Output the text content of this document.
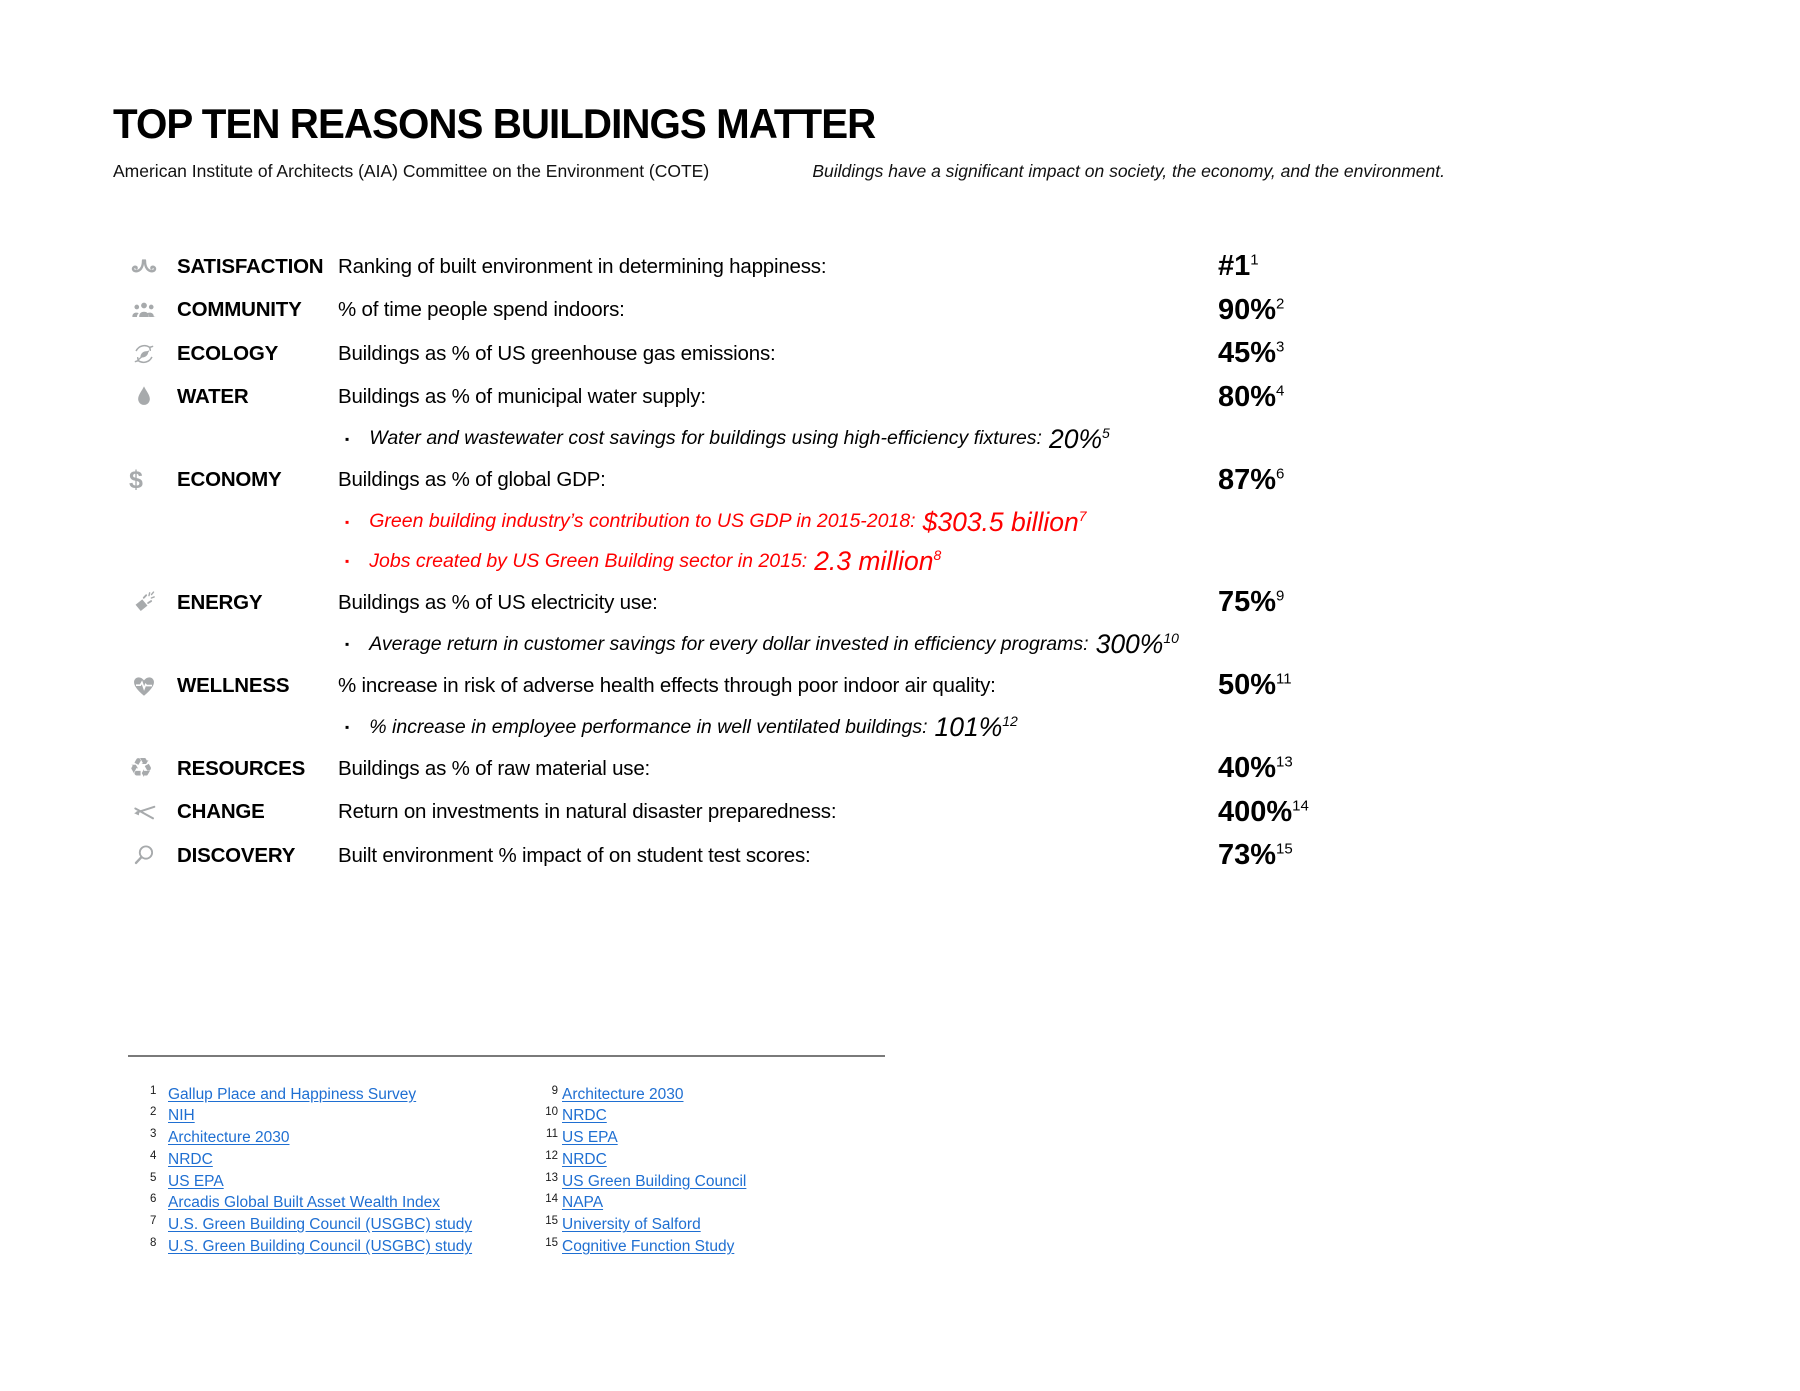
TOP TEN REASONS BUILDINGS MATTER
American Institute of Architects (AIA) Committee on the Environment (COTE)	Buildings have a significant impact on society, the economy, and the environment.
SATISFACTION Ranking of built environment in determining happiness:	$\#1^1$
COMMUNITY	% of time people spend indoors:	90%$^2$
ECOLOGY	Buildings as % of US greenhouse gas emissions:	45%$^3$
WATER	Buildings as % of municipal water supply:	80%$^4$
▪ Water and wastewater cost savings for buildings using high-efficiency fixtures: 20%$^5$
$ ECONOMY	Buildings as % of global GDP:	87%$^6$
▪ Green building industry’s contribution to US GDP in 2015-2018: $303.5 billion$^7$
▪ Jobs created by US Green Building sector in 2015: 2.3 million$^8$
ENERGY	Buildings as % of US electricity use:	75%$^9$
▪ Average return in customer savings for every dollar invested in efficiency programs: 300%$^{10}$
WELLNESS	% increase in risk of adverse health effects through poor indoor air quality:	50%$^{11}$
▪ % increase in employee performance in well ventilated buildings: 101%$^{12}$
♻ RESOURCES	Buildings as % of raw material use:	40%$^{13}$
CHANGE	Return on investments in natural disaster preparedness:	400%$^{14}$
DISCOVERY	Built environment % impact of on student test scores:	73%$^{15}$
1 Gallup Place and Happiness Survey
2 NIH
3 Architecture 2030
4 NRDC
5 US EPA
6 Arcadis Global Built Asset Wealth Index
7 U.S. Green Building Council (USGBC) study
8 U.S. Green Building Council (USGBC) study
9 Architecture 2030
10 NRDC
11 US EPA
12 NRDC
13 US Green Building Council
14 NAPA
15 University of Salford
15 Cognitive Function Study
